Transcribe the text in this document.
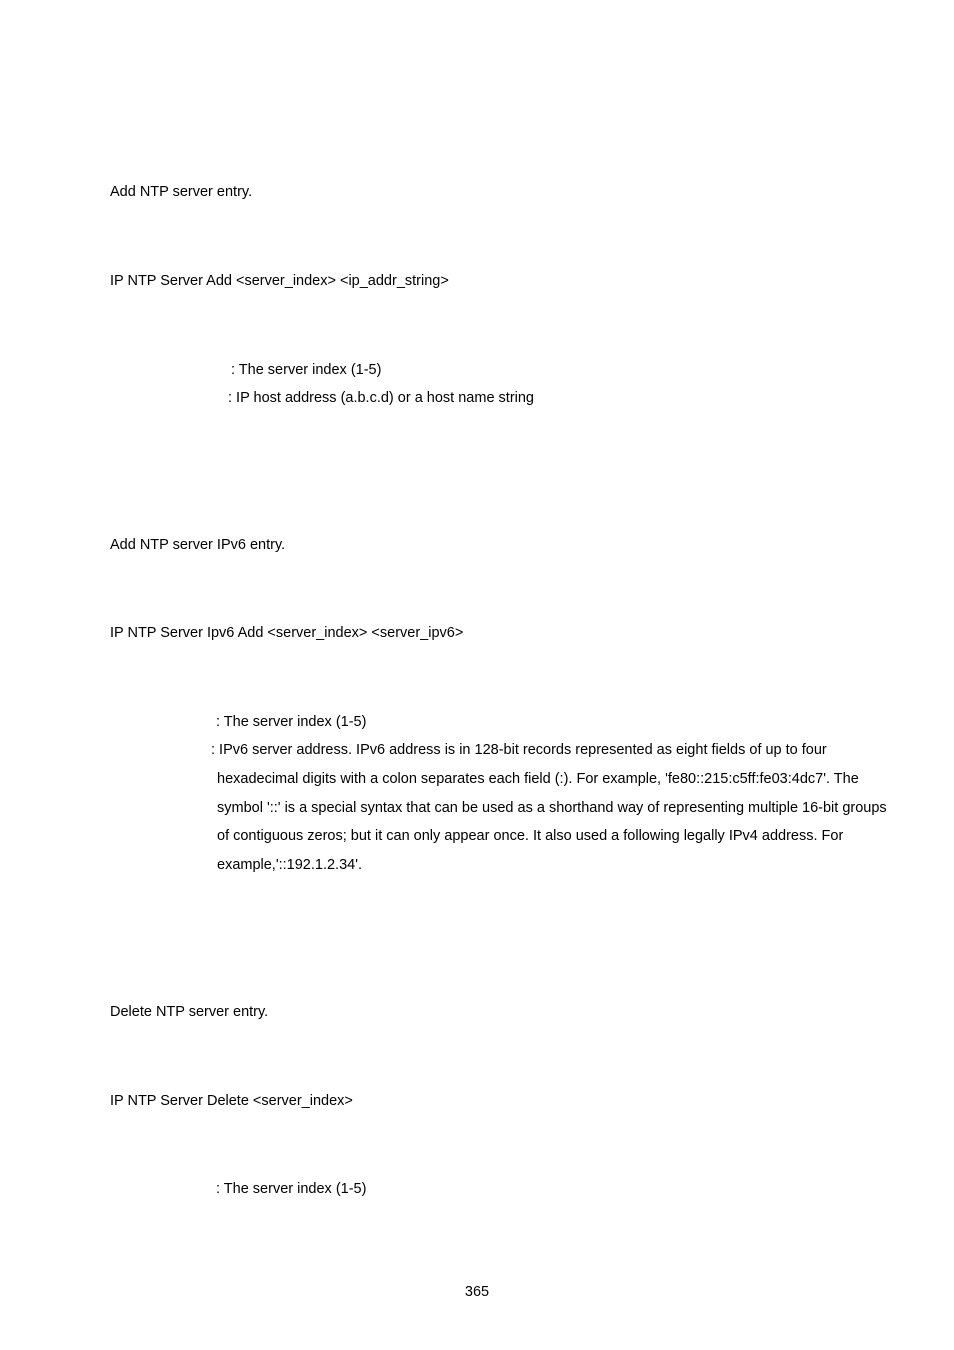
Add NTP server entry.

IP NTP Server Add <server_index> <ip_addr_string>

: The server index (1-5)

: IP host address (a.b.c.d) or a host name string

Add NTP server IPv6 entry.

IP NTP Server Ipv6 Add <server_index> <server_ipv6>

: The server index (1-5)

: IPv6 server address. IPv6 address is in 128-bit records represented as eight fields of up to four
hexadecimal digits with a colon separates each field (:). For example, 'fe80::215:c5ff:fe03:4dc7'. The
symbol '::' is a special syntax that can be used as a shorthand way of representing multiple 16-bit groups
of contiguous zeros; but it can only appear once. It also used a following legally IPv4 address. For
example,'::192.1.2.34'.

Delete NTP server entry.

IP NTP Server Delete <server_index>

: The server index (1-5)

365
